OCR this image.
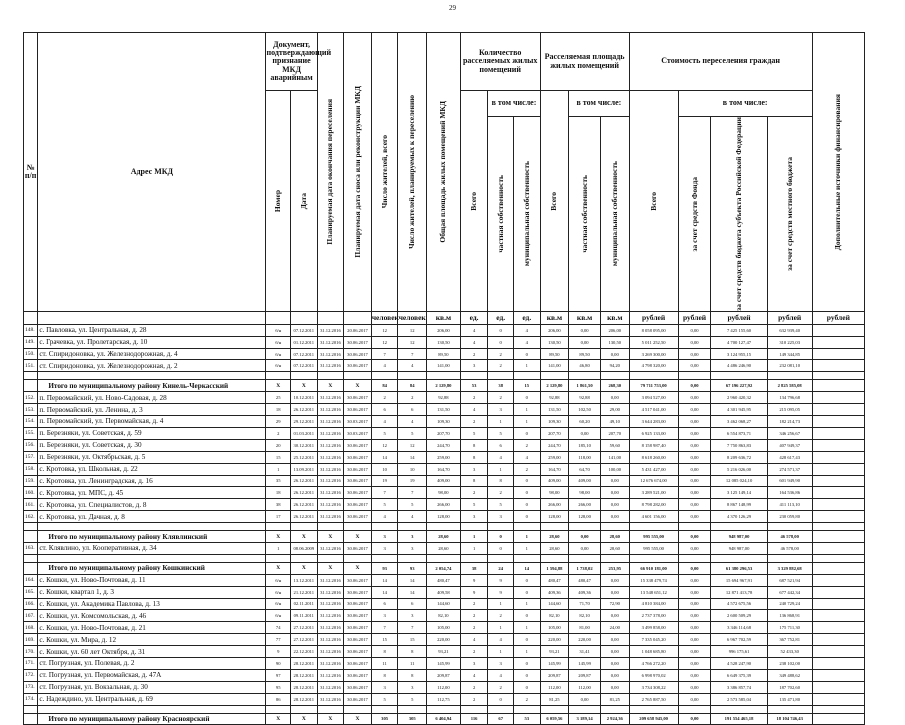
29
№ п/п	Адрес МКД	Документ, подтверждающий признание МКД аварийным		Планируемая дата окончания переселения	Планируемая дата сноса или реконструкции МКД	Число жителей, всего	Число жителей, планируемых к переселению	Общая площадь жилых помещений МКД	Количество расселяемых жилых помещений			Расселяемая площадь жилых помещений			Стоимость переселения граждан				Дополнительные источники финансирования

		Номер	Дата						Всего	в том числе:		Всего	в том числе:		Всего	в том числе:			

										частная собственность	муниципальная собственность		частная собственность	муниципальная собственность		за счет средств Фонда	за счет средств бюджета субъекта Российской Федерации	за счет средств местного бюджета	

						человек	человек	кв.м	ед.	ед.	ед.	кв.м	кв.м	кв.м	рублей	рублей	рублей	рублей	рублей
148.	с. Павловка, ул. Центральная, д. 28	б/н	07.12.2011	31.12.2016	20.06.2017	12	12	206,00	4	0	4	206,00	0,00	206,00	8 058 095,00	0,00	7 425 155,60	632 939,40	
149.	с. Грачевка, ул. Пролетарская, д. 10	б/н	01.12.2011	31.12.2016	30.06.2017	12	12	130,50	4	0	4	130,50	0,00	130,50	5 011 252,50	0,00	4 700 127,47	310 225,03	
150.	ст. Спиридоновка, ул. Железнодорожная, д. 4	б/н	07.12.2011	31.12.2016	30.06.2017	7	7	89,50	2	2	0	89,50	89,50	0,00	3 269 300,00	0,00	3 124 955,15	149 344,85	
151.	ст. Спиридоновка, ул. Железнодорожная, д. 2	б/н	07.12.2011	31.12.2016	30.06.2017	4	4	141,00	3	2	1	141,00	46,80	94,20	4 798 320,00	0,00	4 486 246,90	232 081,10	

	Итого по муниципальному району Кинель-Черкасский	X	X	X	X	84	84	2 129,80	53	38	15	2 129,80	1 861,50	268,30	79 711 753,00	0,00	67 196 227,92	2 825 585,08	
152.	п. Первомайский, ул. Ново-Садовая, д. 28	25	10.12.2011	31.12.2016	30.06.2017	2	2	92,88	2	2	0	92,88	92,88	0,00	3 094 527,00	0,00	2 960 420,32	134 796,68	
153.	п. Первомайский, ул. Ленина, д. 3	18	26.12.2011	31.12.2016	30.06.2017	6	6	131,50	4	3	1	131,50	102,50	29,00	4 517 041,00	0,00	4 301 945,95	215 095,05	
154.	п. Первомайский, ул. Первомайская, д. 4	29	29.12.2011	31.12.2016	30.03.2017	4	4	109,30	2	1	1	109,30	60,20	49,10	3 644 283,00	0,00	3 462 068,27	182 214,73	
155.	п. Березняки, ул. Советская, д. 59	2	01.03.2011	31.12.2016	30.03.2017	5	5	207,70	5	5	0	207,70	0,00	207,70	6 925 133,00	0,00	6 554 873,71	346 256,67	
156.	п. Березняки, ул. Советская, д. 30	20	30.12.2011	31.12.2016	30.06.2017	12	12	244,70	8	6	2	244,70	185,10	59,60	8 158 987,40	0,00	7 750 863,83	407 949,37	
157.	п. Березняки, ул. Октябрьская, д. 5	15	25.12.2011	31.12.2016	30.06.2017	14	14	259,00	8	4	4	259,00	118,00	141,00	8 618 260,00	0,00	8 209 636,72	428 617,43	
158.	с. Кротовка, ул. Школьная, д. 22	1	13.09.2011	31.12.2016	30.06.2017	10	10	164,70	3	1	2	164,70	64,70	100,00	5 431 427,00	0,00	5 216 026,00	274 571,37	
159.	с. Кротовка, ул. Ленинградская, д. 16	35	26.12.2011	31.12.2016	30.06.2017	19	19	409,00	8	8	0	409,00	409,00	0,00	12 676 674,00	0,00	12 085 024,10	601 949,90	
160.	с. Кротовка, ул. МПС, д. 45	18	26.12.2011	31.12.2016	30.06.2017	7	7	98,00	2	2	0	98,00	98,00	0,00	3 289 521,00	0,00	3 125 149,14	164 536,86	
161.	с. Кротовка, ул. Специалистов, д. 8	38	26.12.2011	31.12.2016	30.06.2017	5	5	266,00	5	5	0	266,00	266,00	0,00	8 798 282,00	0,00	8 867 148,99	411 113,10	
162.	с. Кротовка, ул. Дачная, д. 8	17	26.12.2011	31.12.2016	30.06.2017	4	4	128,00	3	3	0	128,00	128,00	0,00	4 601 156,00	0,00	4 370 126,29	230 059,80	

	Итого по муниципальному району Клявлинский	X	X	X	X	3	3	28,60	1	0	1	28,60	0,00	28,60	995 555,00	0,00	948 987,00	46 578,00	
163.	ст. Клявлино, ул. Кооперативная, д. 34	1	08.06.2009	31.12.2016	30.06.2017	3	3	28,60	1	0	1	28,60	0,00	28,60	995 555,00	0,00	948 987,00	46 578,00	

	Итого по муниципальному району Кошкинский	X	X	X	X	93	93	2 054,74	38	24	14	1 594,88	1 738,02	253,95	66 910 181,00	0,00	61 380 296,53	3 329 882,68	
164.	с. Кошки, ул. Ново-Почтовая, д. 11	б/н	13.12.2011	31.12.2016	30.06.2017	14	14	480,47	9	9	0	480,47	480,47	0,00	15 338 479,74	0,00	15 694 967,91	687 521,94	
165.	с. Кошки, квартал 1, д. 3	б/н	21.12.2011	31.12.2016	30.06.2017	14	14	409,58	9	9	0	409,36	409,36	0,00	13 548 651,12	0,00	12 871 413,78	677 442,34	
166.	с. Кошки, ул. Академика Павлова, д. 13	б/н	02.11.2011	31.12.2016	30.06.2017	6	6	144,60	2	1	1	144,60	71,70	72,90	4 810 384,00	0,00	4 572 675,56	240 729,24	
167.	с. Кошки, ул. Комсомольская, д. 46	б/н	09.11.2011	31.12.2016	30.06.2017	3	3	82,10	2	2	0	82,10	82,10	0,00	2 737 378,00	0,00	2 600 509,29	136 868,91	
168.	с. Кошки, ул. Ново-Почтовая, д. 21	74	27.12.2011	31.12.2016	30.06.2017	7	7	105,00	2	1	1	105,00	81,00	24,00	3 499 858,00	0,00	3 346 114,68	175 711,30	
169.	с. Кошки, ул. Мира, д. 12	77	27.12.2011	31.12.2016	30.06.2017	15	15	220,00	4	4	0	220,00	220,00	0,00	7 335 045,20	0,00	6 967 702,59	367 752,81	
170.	с. Кошки, ул. 60 лет Октября, д. 31	9	22.12.2011	31.12.2016	30.06.2017	8	8	93,21	2	1	1	93,21	31,41	0,00	1 048 685,80	0,00	996 175,61	52 433,30	
171.	ст. Погрузная, ул. Полевая, д. 2	90	28.12.2011	31.12.2016	30.06.2017	11	11	145,99	3	3	0	145,99	145,99	0,00	4 766 272,20	0,00	4 528 247,90	238 102,00	
172.	ст. Погрузная, ул. Первомайская, д. 47А	97	28.12.2011	31.12.2016	30.06.2017	8	8	209,87	4	4	0	209,87	209,87	0,00	6 998 970,02	0,00	6 649 375,39	349 488,62	
173.	ст. Погрузная, ул. Вокзальная, д. 30	95	28.12.2011	31.12.2016	30.06.2017	3	3	112,00	2	2	0	112,00	112,00	0,00	3 734 308,22	0,00	3 386 857,74	187 702,60	
174.	с. Надеждино, ул. Центральная, д. 69	86	28.12.2011	31.12.2016	30.06.2017	5	5	112,75	2	0	2	81,25	0,00	81,25	2 765 887,50	0,00	2 573 585,04	135 471,80	

	Итого по муниципальному району Красноярский	X	X	X	X	305	305	6 404,94	116	67	53	6 059,56	3 189,14	2 924,36	209 658 945,00	0,00	191 554 465,18	18 104 746,43	
